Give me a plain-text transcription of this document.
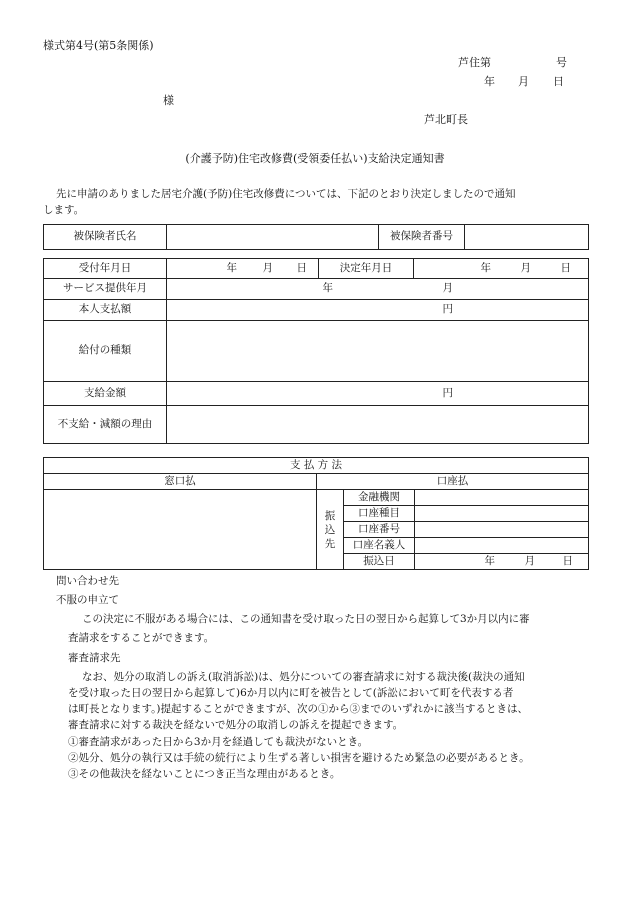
様式第4号(第5条関係)
芦住第	号
年 月 日
様
芦北町長
(介護予防)住宅改修費(受領委任払い)支給決定通知書
先に申請のありました居宅介護(予防)住宅改修費については、下記のとおり決定しましたので通知
します。
被保険者氏名		被保険者番号	
受付年月日	年 月 日	決定年月日	年 月 日
サービス提供年月	年 月		
本人支払額	円		
給付の種類			
支給金額	円		
不支給・減額の理由			
支 払 方 法			
窓口払	口座払		
	振込先	金融機関	
		口座種目	
		口座番号	
		口座名義人	
		振込日	年 月 日
問い合わせ先
不服の申立て
この決定に不服がある場合には、この通知書を受け取った日の翌日から起算して3か月以内に審
査請求をすることができます。
審査請求先
なお、処分の取消しの訴え(取消訴訟)は、処分についての審査請求に対する裁決後(裁決の通知
を受け取った日の翌日から起算して)6か月以内に町を被告として(訴訟において町を代表する者
は町長となります。)提起することができますが、次の①から③までのいずれかに該当するときは、
審査請求に対する裁決を経ないで処分の取消しの訴えを提起できます。
①審査請求があった日から3か月を経過しても裁決がないとき。
②処分、処分の執行又は手続の続行により生ずる著しい損害を避けるため緊急の必要があるとき。
③その他裁決を経ないことにつき正当な理由があるとき。
